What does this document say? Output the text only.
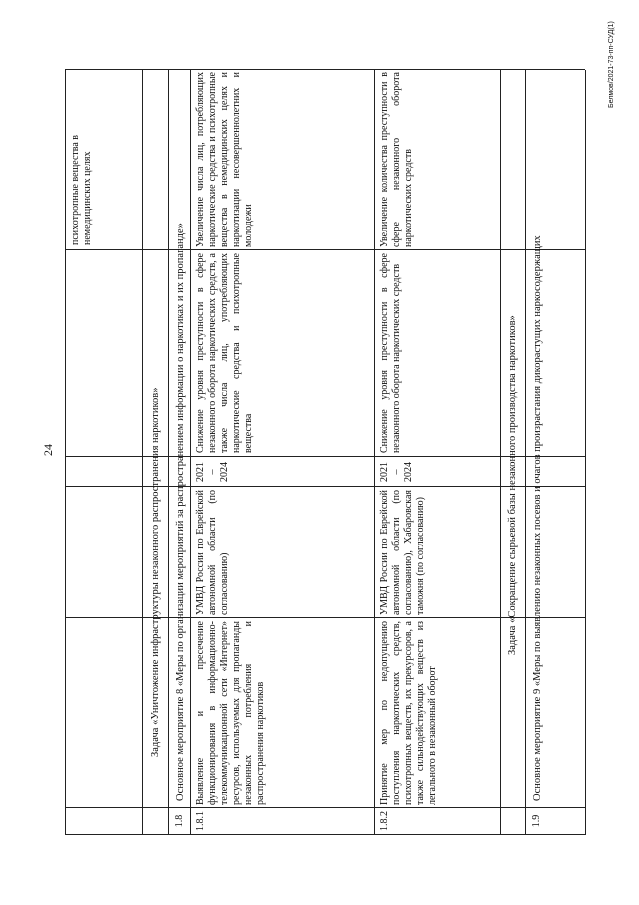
24
психотропные вещества в немедицинских целях
Задача «Уничтожение инфраструктуры незаконного распространения наркотиков»
1.8
Основное мероприятие 8 «Меры по организации мероприятий за распространением информации о наркотиках и их пропаганде»
1.8.1
Выявление и пресечение функционирования в информационно-телекоммуникационной сети «Интернет» ресурсов, используемых для пропаганды незаконных потребления и распространения наркотиков
УМВД России по Еврейской автономной области (по согласованию)
2021 – 2024
Снижение уровня преступности в сфере незаконного оборота наркотических средств, а также числа лиц, употребляющих наркотические средства и психотропные вещества
Увеличение числа лиц, потребляющих наркотические средства и психотропные вещества в немедицинских целях и наркотизации несовершеннолетних и молодежи
1.8.2
Принятие мер по недопущению поступления наркотических средств, психотропных веществ, их прекурсоров, а также сильнодействующих веществ из легального в незаконный оборот
УМВД России по Еврейской автономной области (по согласованию), Хабаровская таможня (по согласованию)
2021 – 2024
Снижение уровня преступности в сфере незаконного оборота наркотических средств
Увеличение количества преступности в сфере незаконного оборота наркотических средств
Задача «Сокращение сырьевой базы незаконного производства наркотиков»
1.9
Основное мероприятие 9 «Меры по выявлению незаконных посевов и очагов произрастания дикорастущих наркосодержащих
Белмов/2021-73-пп-СУД(1)
